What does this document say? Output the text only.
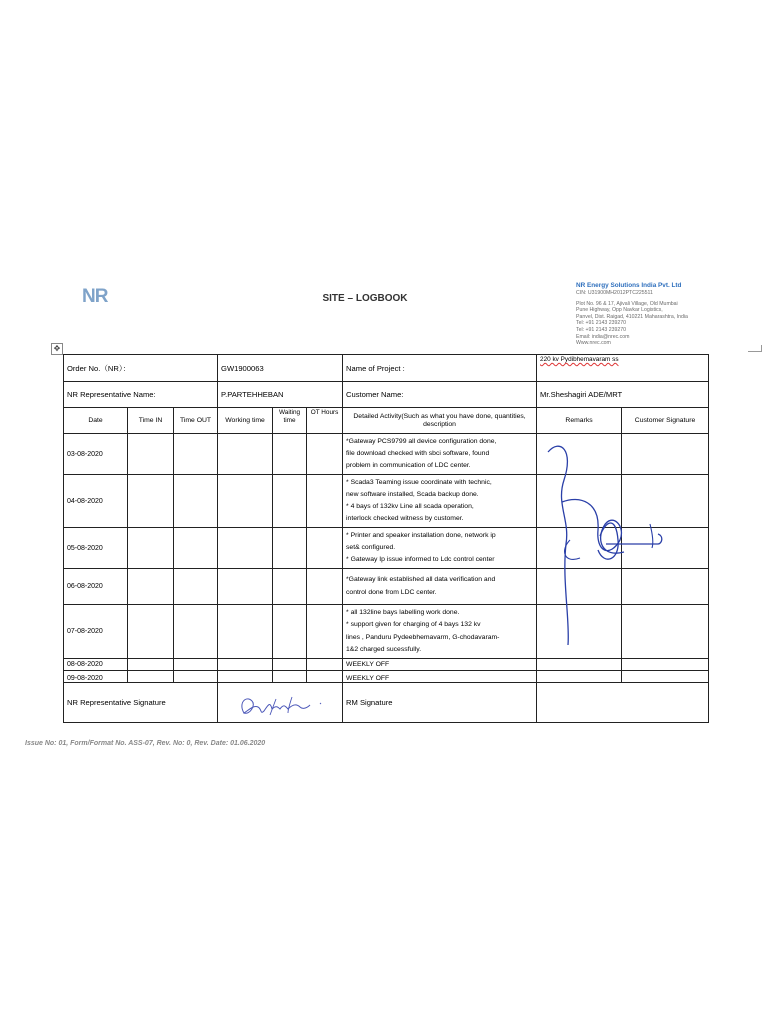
NR	SITE – LOGBOOK
NR Energy Solutions India Pvt. Ltd
CIN: U31900MH2012PTC225511
Plot No. 96 & 17, Ajivali Village, Old Mumbai
Pune Highway, Opp Navkar Logistics,
Panvel, Dist. Raigad, 410221 Maharashtra, India
Tel: +91 2143 239270
Tel: +91 2143 239270
Email: india@nrec.com
Www.nrec.com
✥
Order No.（NR）：			GW1900063			Name of Project :	220 kv Pydibhemavaram ss	
NR Representative Name:			P.PARTEHHEBAN			Customer Name:	Mr.Sheshagiri ADE/MRT	
Date	Time IN	Time OUT	Working time	Waiting time	OT Hours	Detailed Activity(Such as what you have done, quantities, description	Remarks	Customer Signature
03-08-2020						*Gateway PCS9799 all device configuration done,
file download checked with sbci software, found
problem in communication of LDC center.		

04-08-2020						* Scada3 Teaming issue coordinate with technic,
new software installed, Scada backup done.
* 4 bays of 132kv Line all scada operation,
interlock checked witness by customer.		

05-08-2020						* Printer and speaker installation done, network ip
set& configured.
* Gateway Ip issue informed to Ldc control center		

06-08-2020						*Gateway link established all data verification and
control done from LDC center.		

07-08-2020						* all 132line bays labelling work done.
* support given for charging of 4 bays 132 kv
lines , Panduru Pydeebhemavarm, G-chodavaram-
1&2 charged sucessfully.		

08-08-2020						WEEKLY OFF		
09-08-2020						WEEKLY OFF		
NR Representative Signature						RM Signature		
Issue No: 01, Form/Format No. ASS-07, Rev. No: 0, Rev. Date: 01.06.2020
